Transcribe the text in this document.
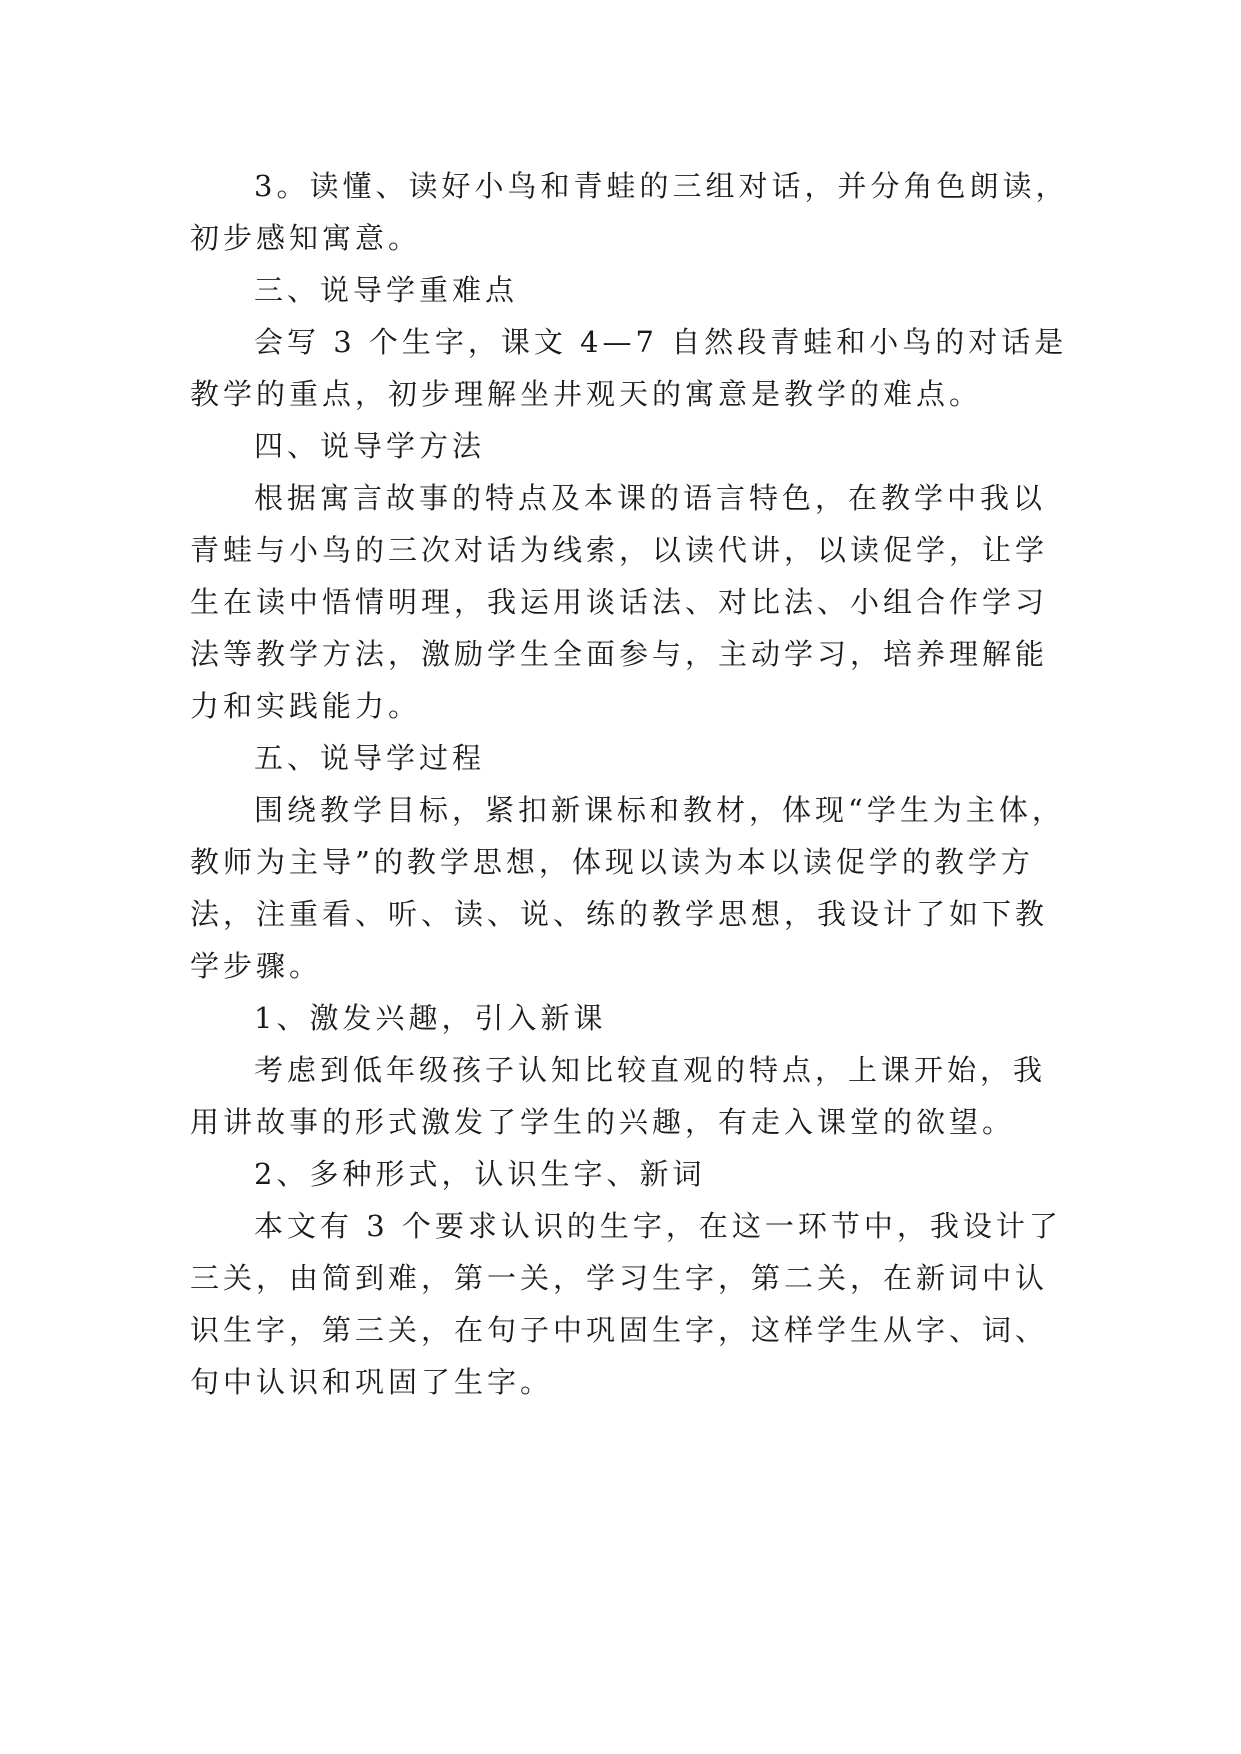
3。读懂、读好小鸟和青蛙的三组对话，并分角色朗读，
初步感知寓意。
三、说导学重难点
会写 3 个生字，课文 4—7 自然段青蛙和小鸟的对话是
教学的重点，初步理解坐井观天的寓意是教学的难点。
四、说导学方法
根据寓言故事的特点及本课的语言特色，在教学中我以
青蛙与小鸟的三次对话为线索，以读代讲，以读促学，让学
生在读中悟情明理，我运用谈话法、对比法、小组合作学习
法等教学方法，激励学生全面参与，主动学习，培养理解能
力和实践能力。
五、说导学过程
围绕教学目标，紧扣新课标和教材，体现“学生为主体，
教师为主导”的教学思想，体现以读为本以读促学的教学方
法，注重看、听、读、说、练的教学思想，我设计了如下教
学步骤。
1、激发兴趣，引入新课
考虑到低年级孩子认知比较直观的特点，上课开始，我
用讲故事的形式激发了学生的兴趣，有走入课堂的欲望。
2、多种形式，认识生字、新词
本文有 3 个要求认识的生字，在这一环节中，我设计了
三关，由简到难，第一关，学习生字，第二关，在新词中认
识生字，第三关，在句子中巩固生字，这样学生从字、词、
句中认识和巩固了生字。
